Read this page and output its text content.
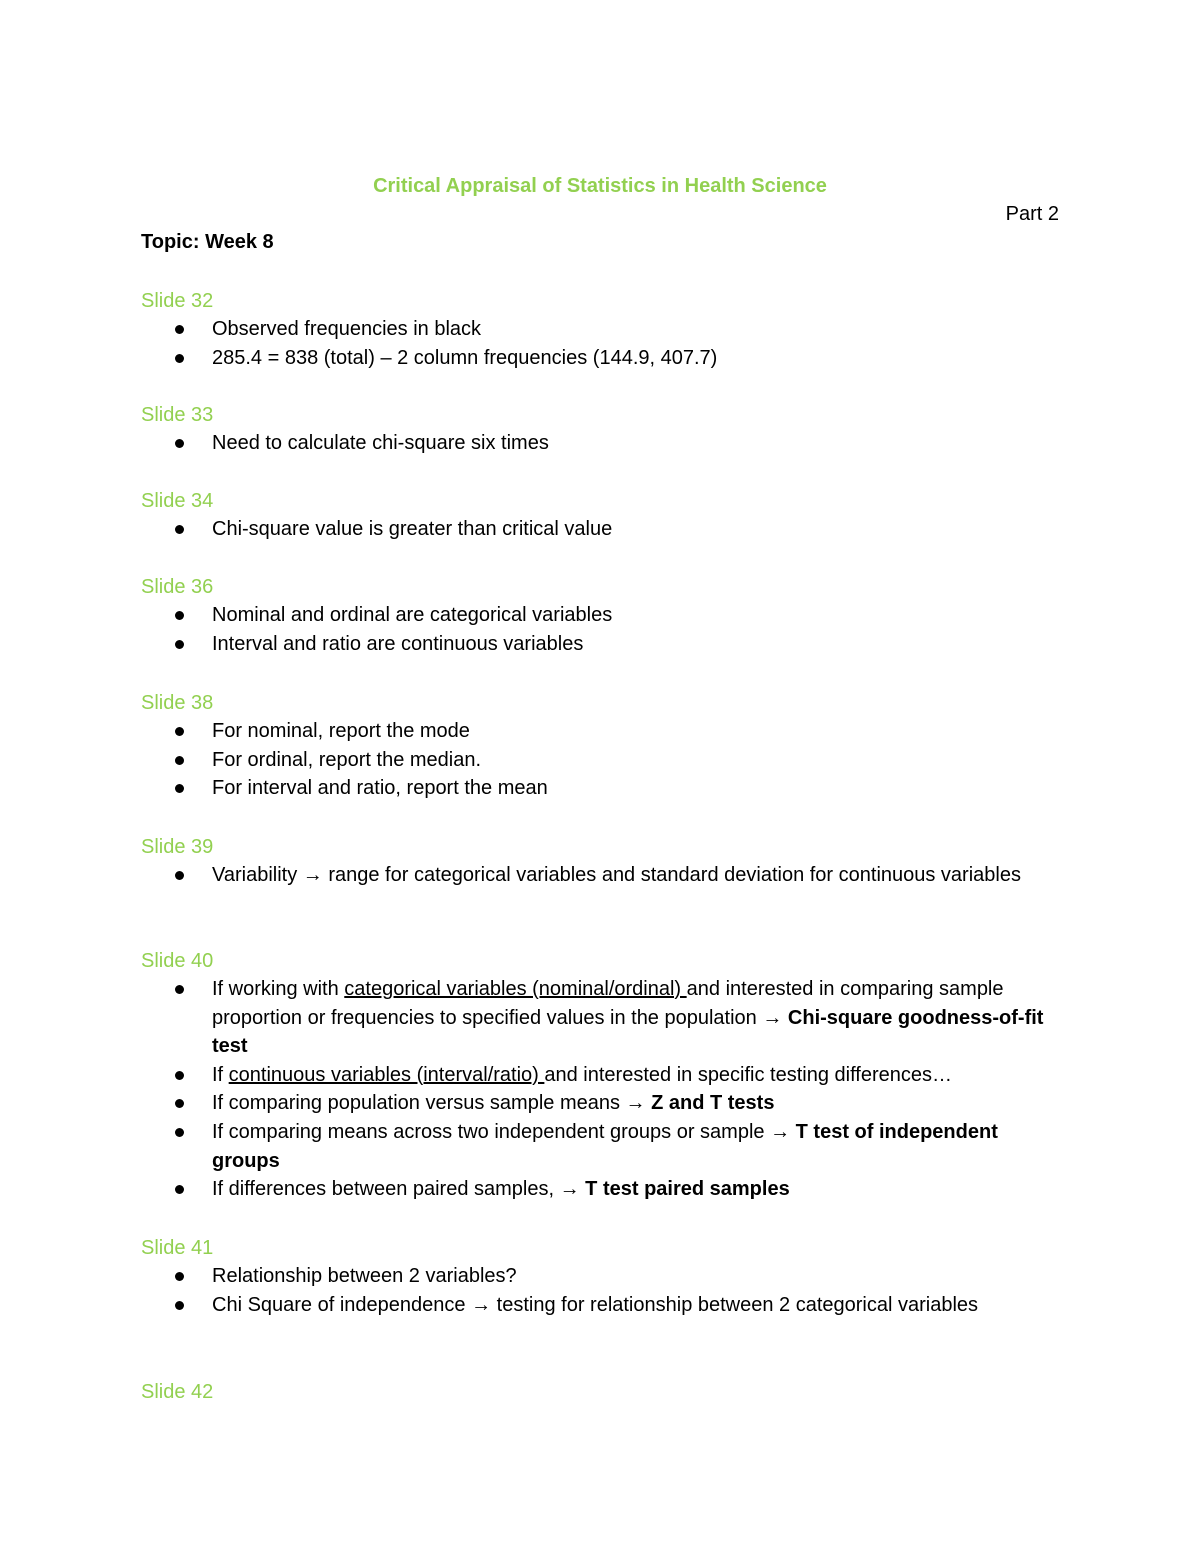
Critical Appraisal of Statistics in Health Science
Part 2
Topic: Week 8
Slide 32
Observed frequencies in black
285.4 = 838 (total) – 2 column frequencies (144.9, 407.7)
Slide 33
Need to calculate chi-square six times
Slide 34
Chi-square value is greater than critical value
Slide 36
Nominal and ordinal are categorical variables
Interval and ratio are continuous variables
Slide 38
For nominal, report the mode
For ordinal, report the median.
For interval and ratio, report the mean
Slide 39
Variability → range for categorical variables and standard deviation for continuous variables
Slide 40
If working with categorical variables (nominal/ordinal) and interested in comparing sample proportion or frequencies to specified values in the population → Chi-square goodness-of-fit test
If continuous variables (interval/ratio) and interested in specific testing differences…
If comparing population versus sample means → Z and T tests
If comparing means across two independent groups or sample → T test of independent groups
If differences between paired samples, → T test paired samples
Slide 41
Relationship between 2 variables?
Chi Square of independence → testing for relationship between 2 categorical variables
Slide 42
